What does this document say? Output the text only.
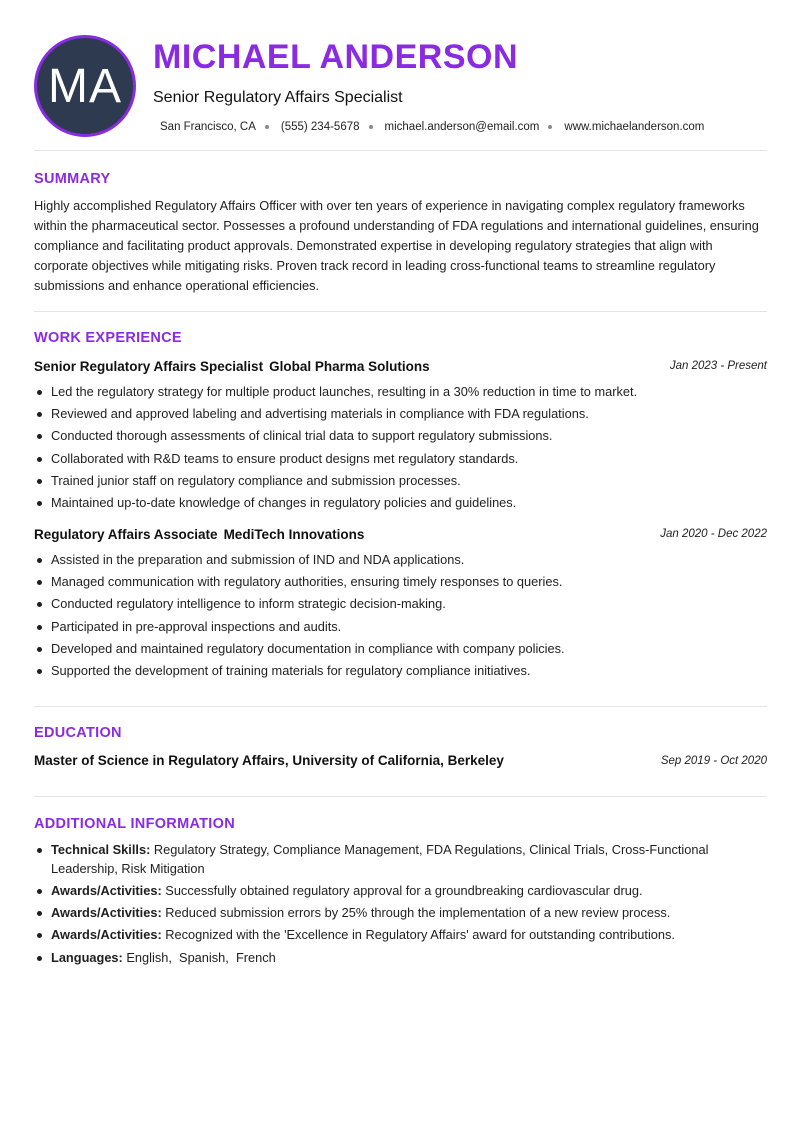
MA
MICHAEL ANDERSON
Senior Regulatory Affairs Specialist
San Francisco, CA (555) 234-5678 michael.anderson@email.com www.michaelanderson.com
SUMMARY

Highly accomplished Regulatory Affairs Officer with over ten years of experience in navigating complex regulatory frameworks within the pharmaceutical sector. Possesses a profound understanding of FDA regulations and international guidelines, ensuring compliance and facilitating product approvals. Demonstrated expertise in developing regulatory strategies that align with corporate objectives while mitigating risks. Proven track record in leading cross-functional teams to streamline regulatory submissions and enhance operational efficiencies.

WORK EXPERIENCE
Senior Regulatory Affairs Specialist Global Pharma Solutions	Jan 2023 - Present
Led the regulatory strategy for multiple product launches, resulting in a 30% reduction in time to market.
Reviewed and approved labeling and advertising materials in compliance with FDA regulations.
Conducted thorough assessments of clinical trial data to support regulatory submissions.
Collaborated with R&D teams to ensure product designs met regulatory standards.
Trained junior staff on regulatory compliance and submission processes.
Maintained up-to-date knowledge of changes in regulatory policies and guidelines.
Regulatory Affairs Associate MediTech Innovations	Jan 2020 - Dec 2022
Assisted in the preparation and submission of IND and NDA applications.
Managed communication with regulatory authorities, ensuring timely responses to queries.
Conducted regulatory intelligence to inform strategic decision-making.
Participated in pre-approval inspections and audits.
Developed and maintained regulatory documentation in compliance with company policies.
Supported the development of training materials for regulatory compliance initiatives.
EDUCATION
Master of Science in Regulatory Affairs, University of California, Berkeley	Sep 2019 - Oct 2020
ADDITIONAL INFORMATION
Technical Skills: Regulatory Strategy, Compliance Management, FDA Regulations, Clinical Trials, Cross-Functional Leadership, Risk Mitigation
Awards/Activities: Successfully obtained regulatory approval for a groundbreaking cardiovascular drug.
Awards/Activities: Reduced submission errors by 25% through the implementation of a new review process.
Awards/Activities: Recognized with the 'Excellence in Regulatory Affairs' award for outstanding contributions.
Languages: English,  Spanish,  French
